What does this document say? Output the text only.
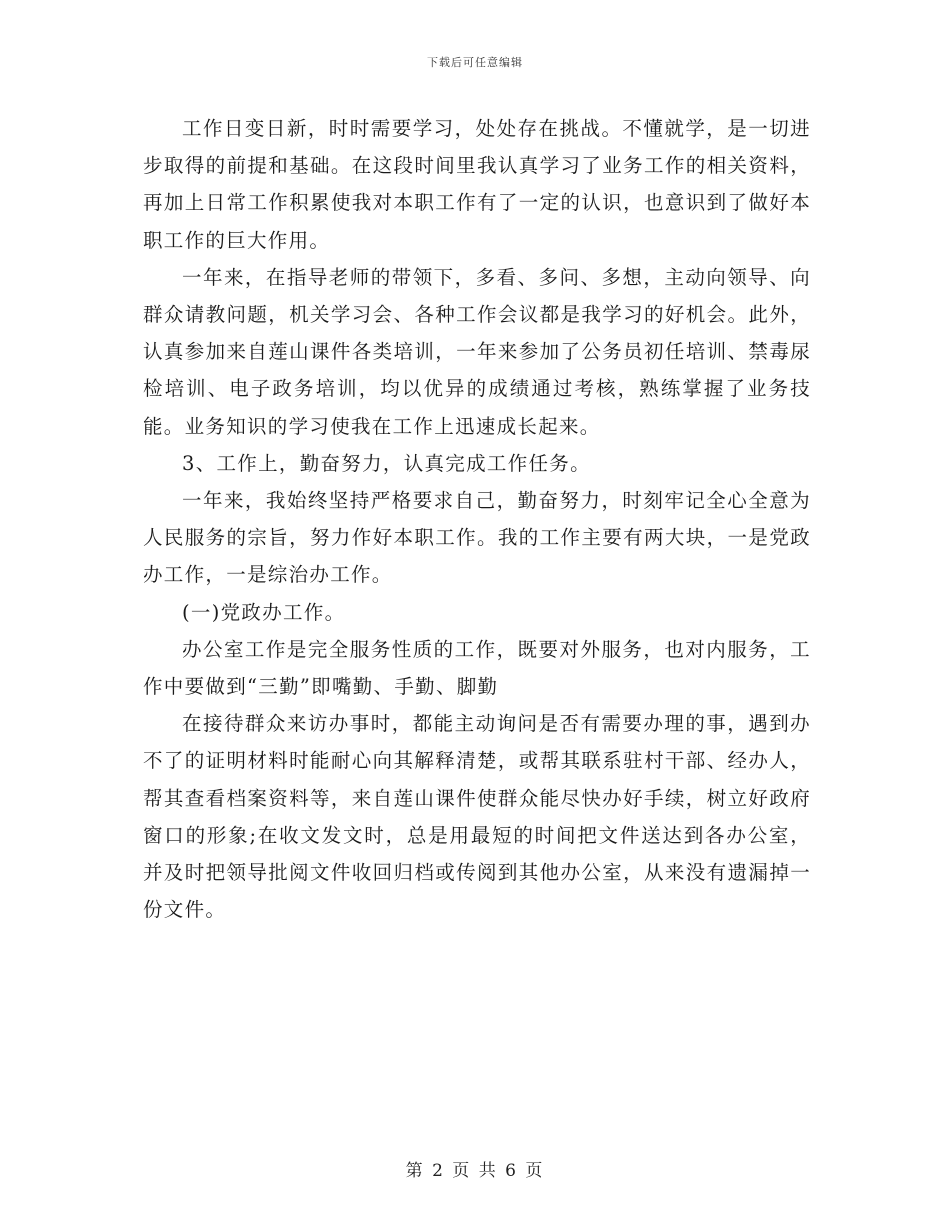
下载后可任意编辑

工作日变日新，时时需要学习，处处存在挑战。不懂就学，是一切进步取得的前提和基础。在这段时间里我认真学习了业务工作的相关资料，再加上日常工作积累使我对本职工作有了一定的认识，也意识到了做好本职工作的巨大作用。

一年来，在指导老师的带领下，多看、多问、多想，主动向领导、向群众请教问题，机关学习会、各种工作会议都是我学习的好机会。此外，认真参加来自莲山课件各类培训，一年来参加了公务员初任培训、禁毒尿检培训、电子政务培训，均以优异的成绩通过考核，熟练掌握了业务技能。业务知识的学习使我在工作上迅速成长起来。

3、工作上，勤奋努力，认真完成工作任务。

一年来，我始终坚持严格要求自己，勤奋努力，时刻牢记全心全意为人民服务的宗旨，努力作好本职工作。我的工作主要有两大块，一是党政办工作，一是综治办工作。

(一)党政办工作。

办公室工作是完全服务性质的工作，既要对外服务，也对内服务，工作中要做到“三勤”即嘴勤、手勤、脚勤

在接待群众来访办事时，都能主动询问是否有需要办理的事，遇到办不了的证明材料时能耐心向其解释清楚，或帮其联系驻村干部、经办人，帮其查看档案资料等，来自莲山课件使群众能尽快办好手续，树立好政府窗口的形象;在收文发文时，总是用最短的时间把文件送达到各办公室，并及时把领导批阅文件收回归档或传阅到其他办公室，从来没有遗漏掉一份文件。

第 2 页 共 6 页
